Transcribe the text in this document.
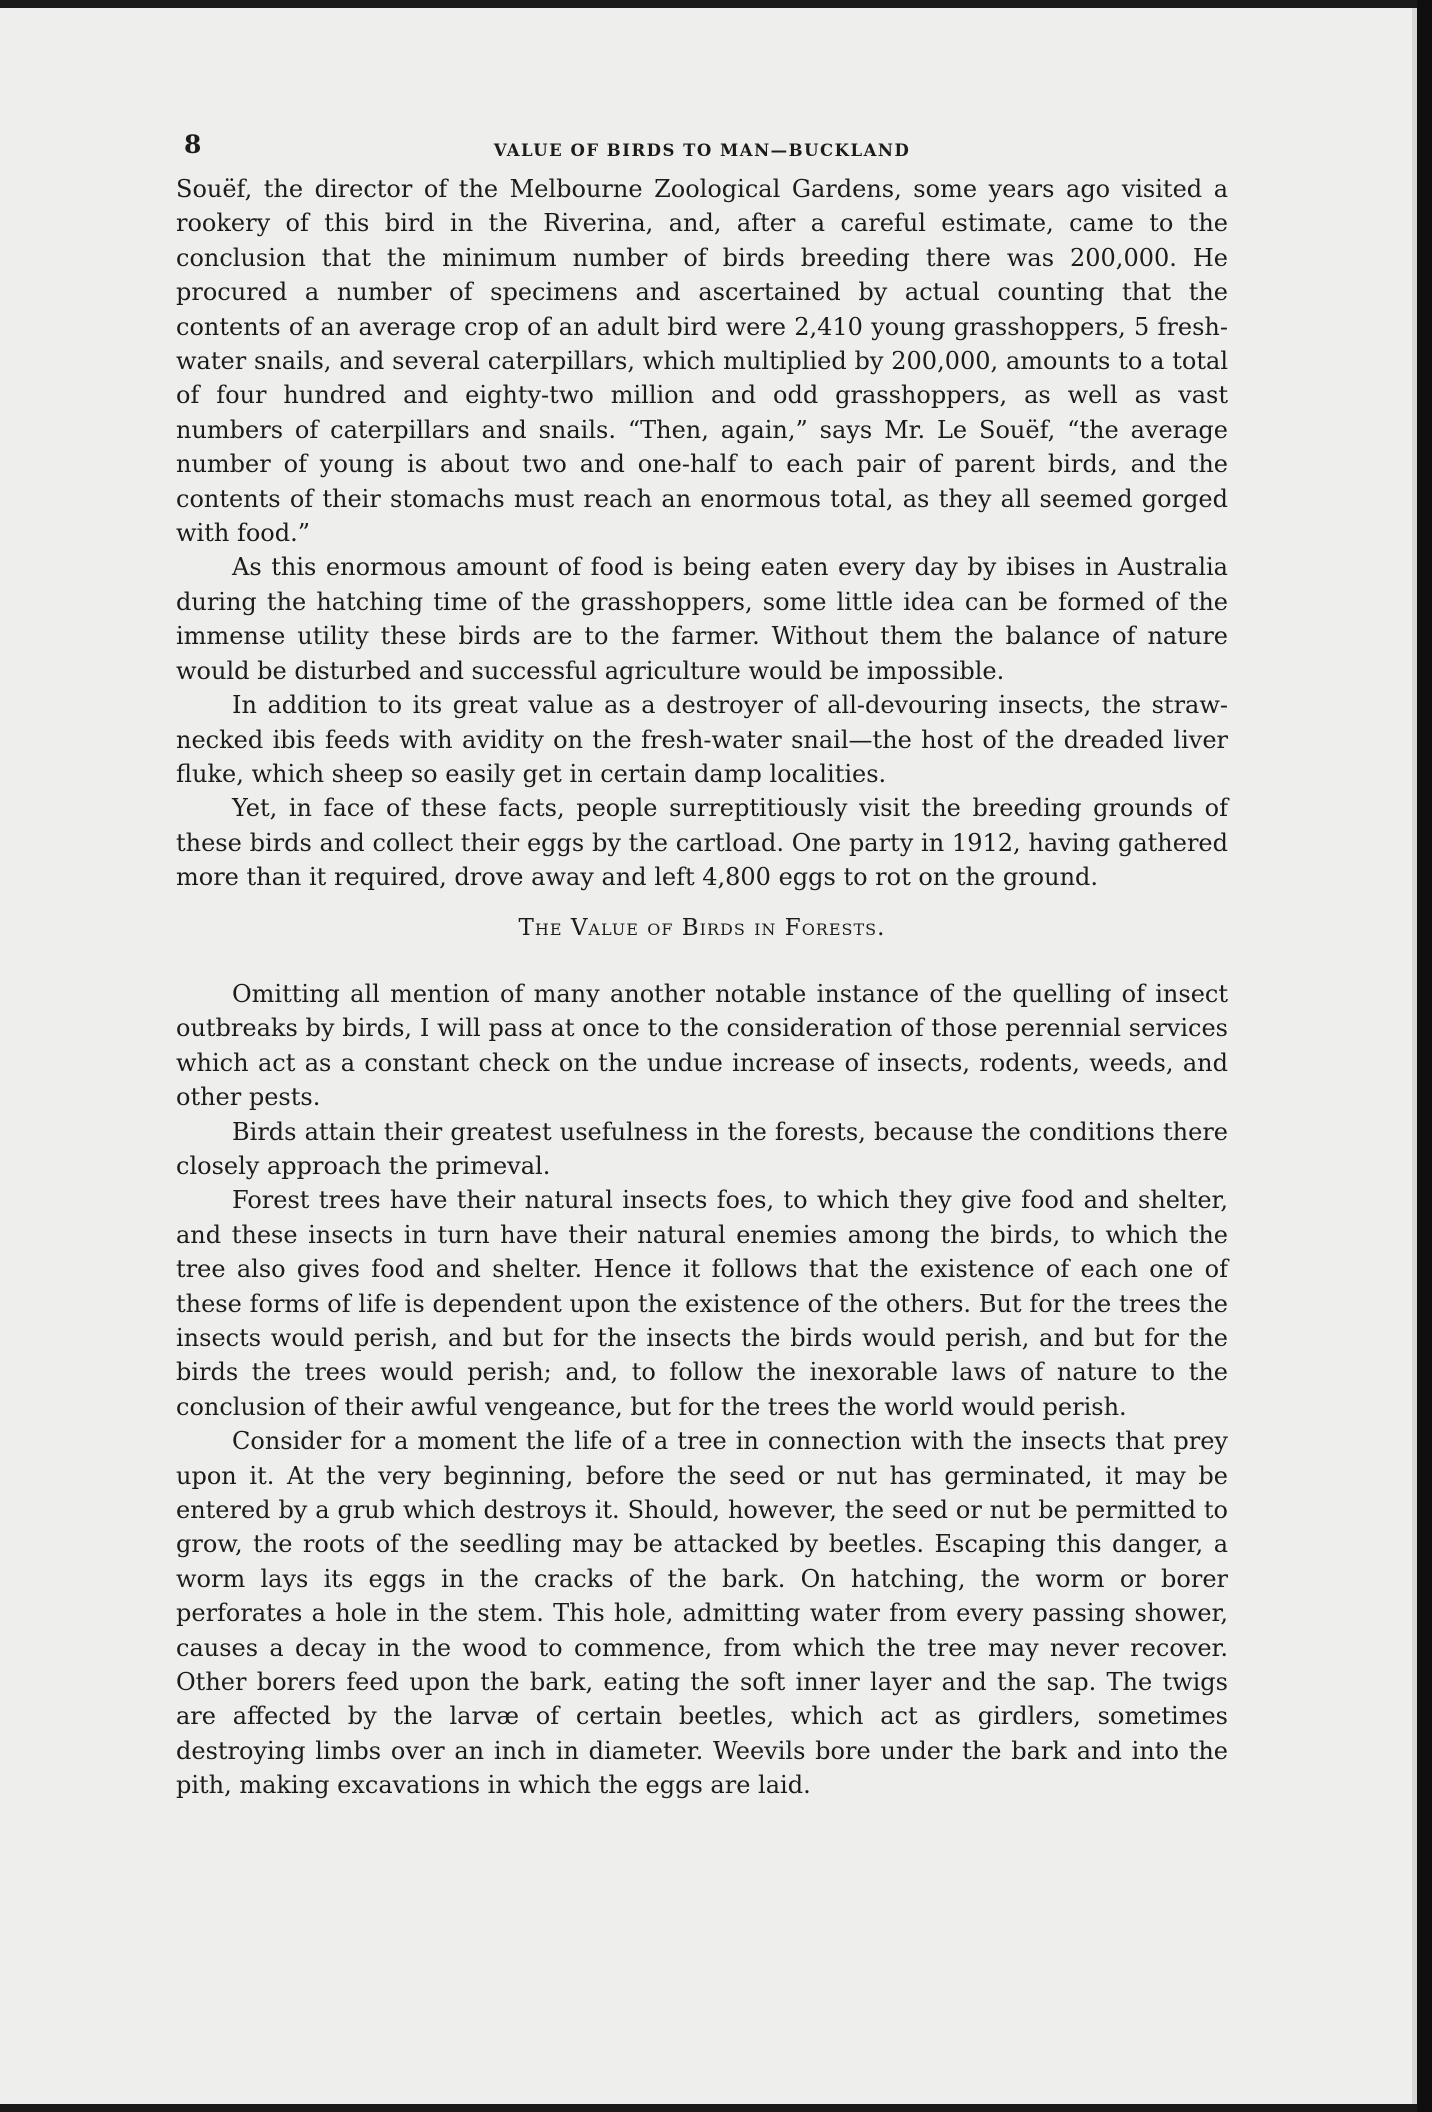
8	VALUE OF BIRDS TO MAN—BUCKLAND

Souëf, the director of the Melbourne Zoological Gardens, some years ago visited a rookery of this bird in the Riverina, and, after a careful estimate, came to the conclusion that the minimum number of birds breeding there was 200,000. He procured a number of specimens and ascertained by actual counting that the contents of an average crop of an adult bird were 2,410 young grasshoppers, 5 fresh-water snails, and several caterpillars, which multiplied by 200,000, amounts to a total of four hundred and eighty-two million and odd grasshoppers, as well as vast numbers of caterpillars and snails. “Then, again,” says Mr. Le Souëf, “the average number of young is about two and one-half to each pair of parent birds, and the contents of their stomachs must reach an enormous total, as they all seemed gorged with food.”

As this enormous amount of food is being eaten every day by ibises in Australia during the hatching time of the grasshoppers, some little idea can be formed of the immense utility these birds are to the farmer. Without them the balance of nature would be disturbed and successful agriculture would be impossible.

In addition to its great value as a destroyer of all-devouring insects, the straw-necked ibis feeds with avidity on the fresh-water snail—the host of the dreaded liver fluke, which sheep so easily get in certain damp localities.

Yet, in face of these facts, people surreptitiously visit the breeding grounds of these birds and collect their eggs by the cartload. One party in 1912, having gathered more than it required, drove away and left 4,800 eggs to rot on the ground.

The Value of Birds in Forests.

Omitting all mention of many another notable instance of the quelling of insect outbreaks by birds, I will pass at once to the consideration of those perennial services which act as a constant check on the undue increase of insects, rodents, weeds, and other pests.

Birds attain their greatest usefulness in the forests, because the conditions there closely approach the primeval.

Forest trees have their natural insects foes, to which they give food and shelter, and these insects in turn have their natural enemies among the birds, to which the tree also gives food and shelter. Hence it follows that the existence of each one of these forms of life is dependent upon the existence of the others. But for the trees the insects would perish, and but for the insects the birds would perish, and but for the birds the trees would perish; and, to follow the inexorable laws of nature to the conclusion of their awful vengeance, but for the trees the world would perish.

Consider for a moment the life of a tree in connection with the insects that prey upon it. At the very beginning, before the seed or nut has germinated, it may be entered by a grub which destroys it. Should, however, the seed or nut be permitted to grow, the roots of the seedling may be attacked by beetles. Escaping this danger, a worm lays its eggs in the cracks of the bark. On hatching, the worm or borer perforates a hole in the stem. This hole, admitting water from every passing shower, causes a decay in the wood to commence, from which the tree may never recover. Other borers feed upon the bark, eating the soft inner layer and the sap. The twigs are affected by the larvæ of certain beetles, which act as girdlers, sometimes destroying limbs over an inch in diameter. Weevils bore under the bark and into the pith, making excavations in which the eggs are laid.
